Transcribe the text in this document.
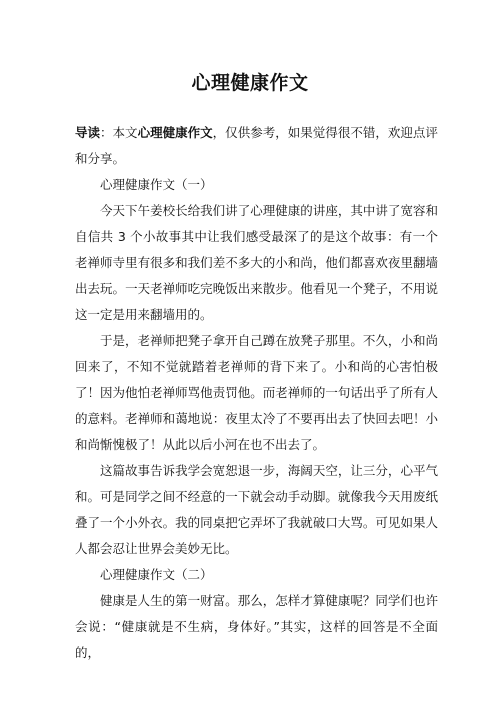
心理健康作文

导读：本文心理健康作文，仅供参考，如果觉得很不错，欢迎点评和分享。

心理健康作文（一）

今天下午姜校长给我们讲了心理健康的讲座，其中讲了宽容和自信共 3 个小故事其中让我们感受最深了的是这个故事：有一个老禅师寺里有很多和我们差不多大的小和尚，他们都喜欢夜里翻墙出去玩。一天老禅师吃完晚饭出来散步。他看见一个凳子，不用说这一定是用来翻墙用的。

于是，老禅师把凳子拿开自己蹲在放凳子那里。不久，小和尚回来了，不知不觉就踏着老禅师的背下来了。小和尚的心害怕极了！因为他怕老禅师骂他责罚他。而老禅师的一句话出乎了所有人的意料。老禅师和蔼地说：夜里太冷了不要再出去了快回去吧！小和尚惭愧极了！从此以后小河在也不出去了。

这篇故事告诉我学会宽恕退一步，海阔天空，让三分，心平气和。可是同学之间不经意的一下就会动手动脚。就像我今天用废纸叠了一个小外衣。我的同桌把它弄坏了我就破口大骂。可见如果人人都会忍让世界会美妙无比。

心理健康作文（二）

健康是人生的第一财富。那么，怎样才算健康呢？同学们也许会说：“健康就是不生病，身体好。”其实，这样的回答是不全面的，
